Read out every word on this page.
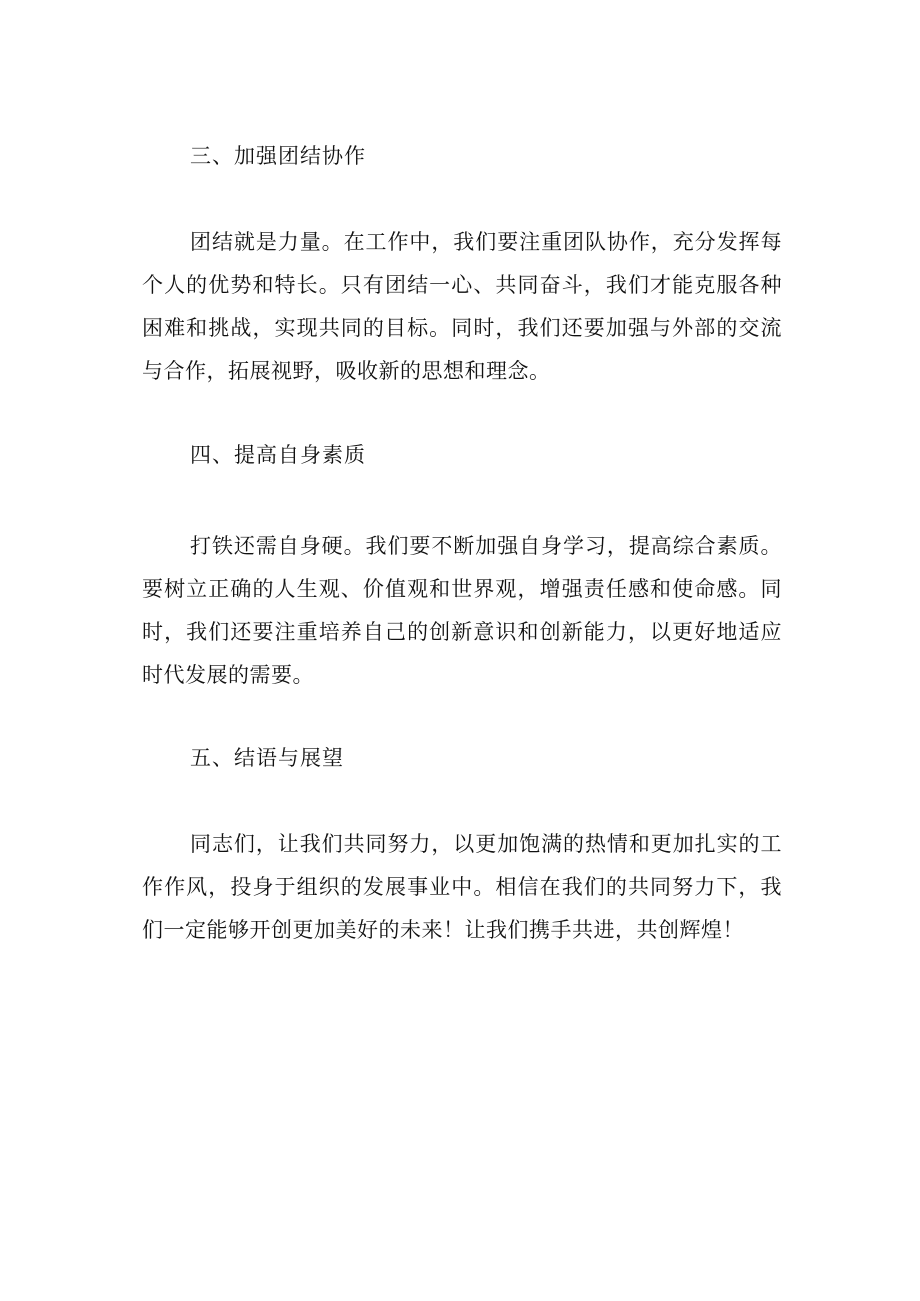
三、加强团结协作

团结就是力量。在工作中，我们要注重团队协作，充分发挥每个人的优势和特长。只有团结一心、共同奋斗，我们才能克服各种困难和挑战，实现共同的目标。同时，我们还要加强与外部的交流与合作，拓展视野，吸收新的思想和理念。

四、提高自身素质

打铁还需自身硬。我们要不断加强自身学习，提高综合素质。要树立正确的人生观、价值观和世界观，增强责任感和使命感。同时，我们还要注重培养自己的创新意识和创新能力，以更好地适应时代发展的需要。

五、结语与展望

同志们，让我们共同努力，以更加饱满的热情和更加扎实的工作作风，投身于组织的发展事业中。相信在我们的共同努力下，我们一定能够开创更加美好的未来！让我们携手共进，共创辉煌！
